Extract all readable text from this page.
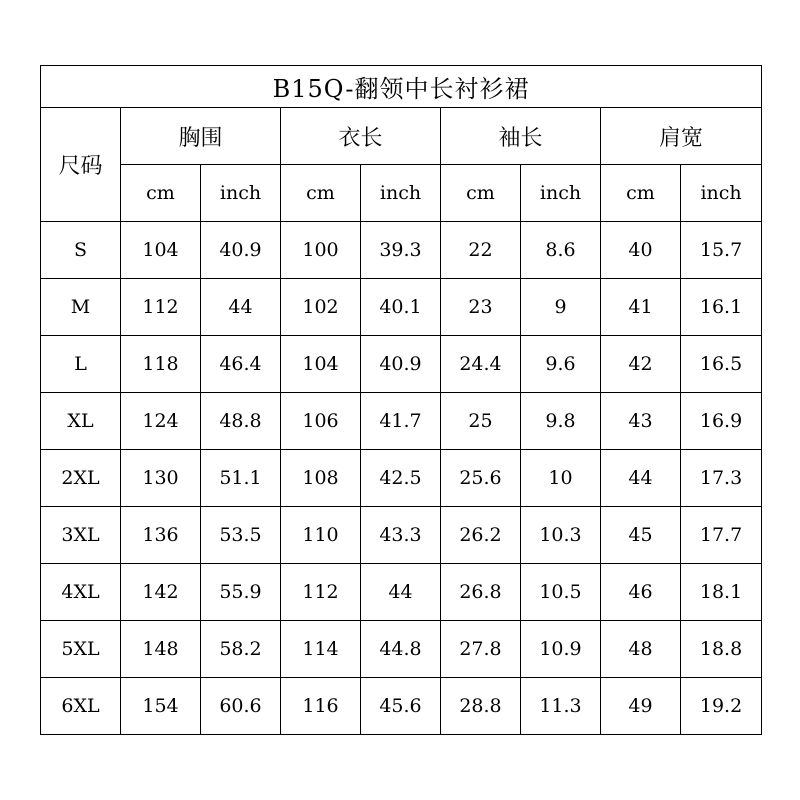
B15Q-翻领中长衬衫裙								
尺码	胸围		衣长		袖长		肩宽	
	cm	inch	cm	inch	cm	inch	cm	inch
S	104	40.9	100	39.3	22	8.6	40	15.7
M	112	44	102	40.1	23	9	41	16.1
L	118	46.4	104	40.9	24.4	9.6	42	16.5
XL	124	48.8	106	41.7	25	9.8	43	16.9
2XL	130	51.1	108	42.5	25.6	10	44	17.3
3XL	136	53.5	110	43.3	26.2	10.3	45	17.7
4XL	142	55.9	112	44	26.8	10.5	46	18.1
5XL	148	58.2	114	44.8	27.8	10.9	48	18.8
6XL	154	60.6	116	45.6	28.8	11.3	49	19.2
